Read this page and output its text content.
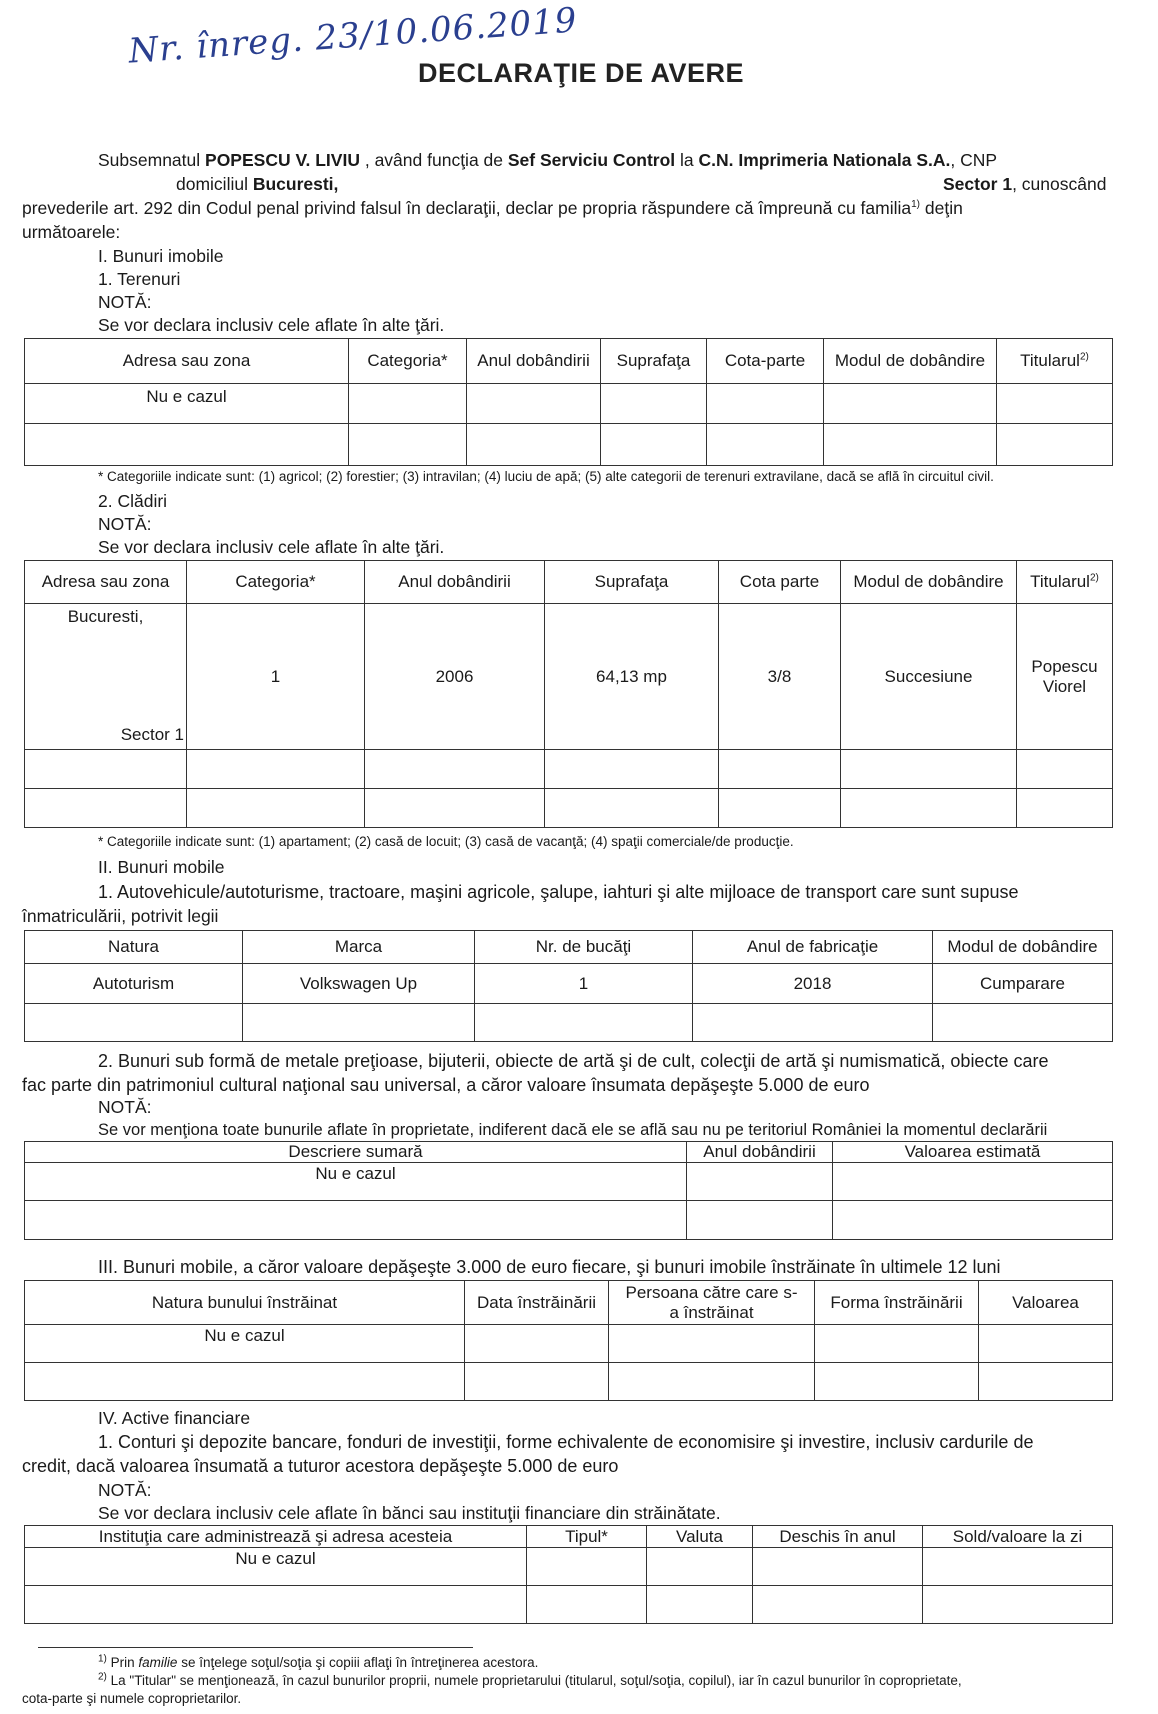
Nr. înreg. 23/10.06.2019
DECLARAŢIE DE AVERE
Subsemnatul POPESCU V. LIVIU , având funcţia de Sef Serviciu Control la C.N. Imprimeria Nationala S.A., CNP
domiciliul Bucuresti,	Sector 1, cunoscând
prevederile art. 292 din Codul penal privind falsul în declaraţii, declar pe propria răspundere că împreună cu familia$^{1)}$ deţin
următoarele:
I. Bunuri imobile
1. Terenuri
NOTĂ:
Se vor declara inclusiv cele aflate în alte ţări.
Adresa sau zona	Categoria*	Anul dobândirii	Suprafaţa	Cota-parte	Modul de dobândire	Titularul$^{2)}$
Nu e cazul						

* Categoriile indicate sunt: (1) agricol; (2) forestier; (3) intravilan; (4) luciu de apă; (5) alte categorii de terenuri extravilane, dacă se află în circuitul civil.
2. Clădiri
NOTĂ:
Se vor declara inclusiv cele aflate în alte ţări.
Adresa sau zona	Categoria*	Anul dobândirii	Suprafaţa	Cota parte	Modul de dobândire	Titularul$^{2)}$

Bucuresti,
Sector 1	1	2006	64,13 mp	3/8	Succesiune	Popescu Viorel

* Categoriile indicate sunt: (1) apartament; (2) casă de locuit; (3) casă de vacanţă; (4) spaţii comerciale/de producţie.
II. Bunuri mobile
1. Autovehicule/autoturisme, tractoare, maşini agricole, şalupe, iahturi şi alte mijloace de transport care sunt supuse
înmatriculării, potrivit legii
Natura	Marca	Nr. de bucăţi	Anul de fabricaţie	Modul de dobândire
Autoturism	Volkswagen Up	1	2018	Cumparare

2. Bunuri sub formă de metale preţioase, bijuterii, obiecte de artă şi de cult, colecţii de artă şi numismatică, obiecte care
fac parte din patrimoniul cultural naţional sau universal, a căror valoare însumata depăşeşte 5.000 de euro
NOTĂ:
Se vor menţiona toate bunurile aflate în proprietate, indiferent dacă ele se află sau nu pe teritoriul României la momentul declarării
Descriere sumară	Anul dobândirii	Valoarea estimată
Nu e cazul		

III. Bunuri mobile, a căror valoare depăşeşte 3.000 de euro fiecare, şi bunuri imobile înstrăinate în ultimele 12 luni
Natura bunului înstrăinat	Data înstrăinării	Persoana către care s-a înstrăinat	Forma înstrăinării	Valoarea
Nu e cazul				

IV. Active financiare
1. Conturi şi depozite bancare, fonduri de investiţii, forme echivalente de economisire şi investire, inclusiv cardurile de
credit, dacă valoarea însumată a tuturor acestora depăşeşte 5.000 de euro
NOTĂ:
Se vor declara inclusiv cele aflate în bănci sau instituţii financiare din străinătate.
Instituţia care administrează şi adresa acesteia	Tipul*	Valuta	Deschis în anul	Sold/valoare la zi
Nu e cazul				

$^{1)}$ Prin familie se înţelege soţul/soţia şi copiii aflaţi în întreţinerea acestora.
$^{2)}$ La "Titular" se menţionează, în cazul bunurilor proprii, numele proprietarului (titularul, soţul/soţia, copilul), iar în cazul bunurilor în coproprietate,
cota-parte şi numele coproprietarilor.
